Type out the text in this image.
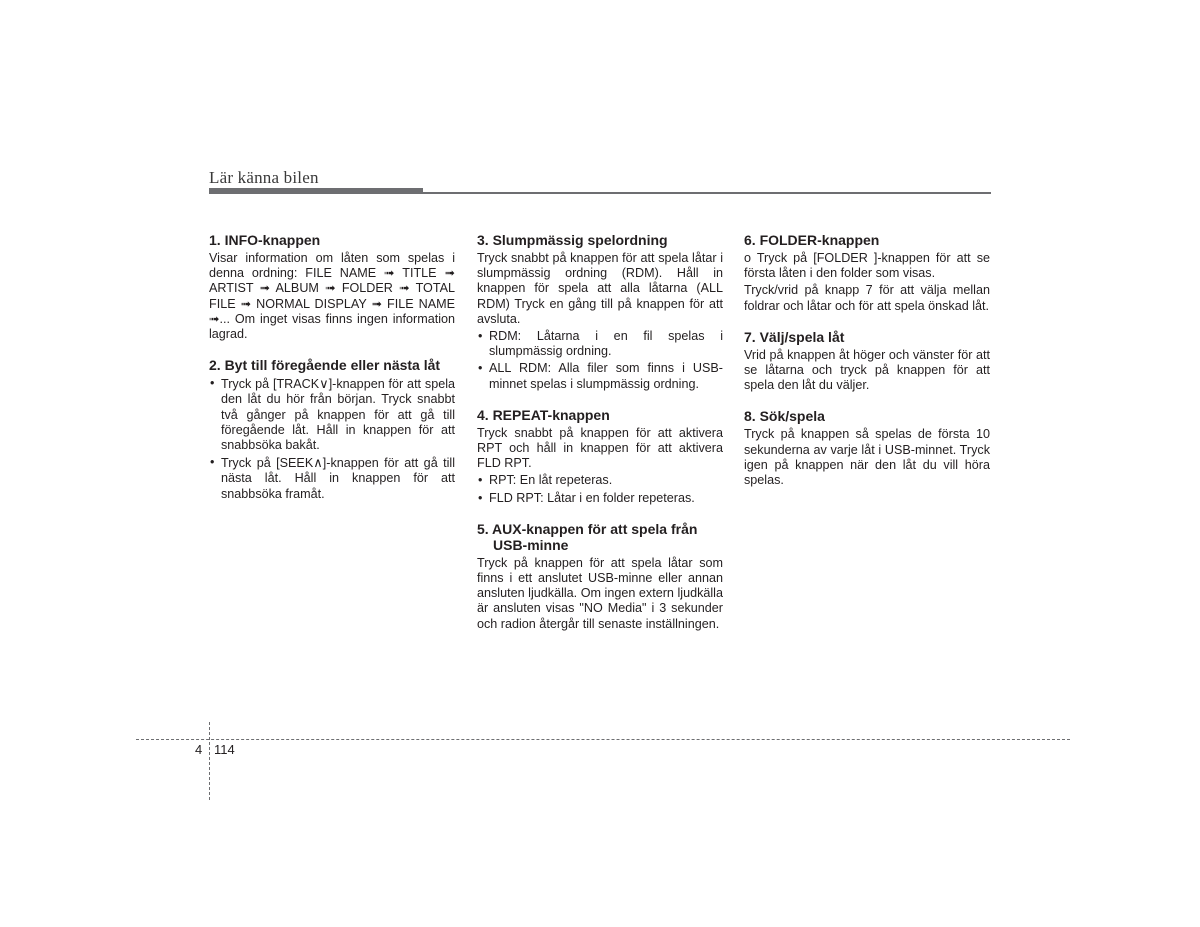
Lär känna bilen
1. INFO-knappen

Visar information om låten som spelas i denna ordning: FILE NAME ➟ TITLE ➟ ARTIST ➟ ALBUM ➟ FOLDER ➟ TOTAL FILE ➟ NORMAL DISPLAY ➟ FILE NAME ➟... Om inget visas finns ingen information lagrad.

2. Byt till föregående eller nästa låt
• Tryck på [TRACK∨]-knappen för att spela den låt du hör från början. Tryck snabbt två gånger på knappen för att gå till föregående låt. Håll in knappen för att snabbsöka bakåt.
• Tryck på [SEEK∧]-knappen för att gå till nästa låt. Håll in knappen för att snabbsöka framåt.
3. Slumpmässig spelordning

Tryck snabbt på knappen för att spela låtar i slumpmässig ordning (RDM). Håll in knappen för spela att alla låtarna (ALL RDM) Tryck en gång till på knappen för att avsluta.

• RDM: Låtarna i en fil spelas i slumpmässig ordning.
• ALL RDM: Alla filer som finns i USB-minnet spelas i slumpmässig ordning.
4. REPEAT-knappen

Tryck snabbt på knappen för att aktivera RPT och håll in knappen för att aktivera FLD RPT.

• RPT: En låt repeteras.
• FLD RPT: Låtar i en folder repeteras.
5. AUX-knappen för att spela från USB-minne

Tryck på knappen för att spela låtar som finns i ett anslutet USB-minne eller annan ansluten ljudkälla. Om ingen extern ljudkälla är ansluten visas "NO Media" i 3 sekunder och radion återgår till senaste inställningen.

6. FOLDER-knappen

o Tryck på [FOLDER ]-knappen för att se första låten i den folder som visas.

Tryck/vrid på knapp 7 för att välja mellan foldrar och låtar och för att spela önskad låt.

7. Välj/spela låt

Vrid på knappen åt höger och vänster för att se låtarna och tryck på knappen för att spela den låt du väljer.

8. Sök/spela

Tryck på knappen så spelas de första 10 sekunderna av varje låt i USB-minnet. Tryck igen på knappen när den låt du vill höra spelas.

4 114
